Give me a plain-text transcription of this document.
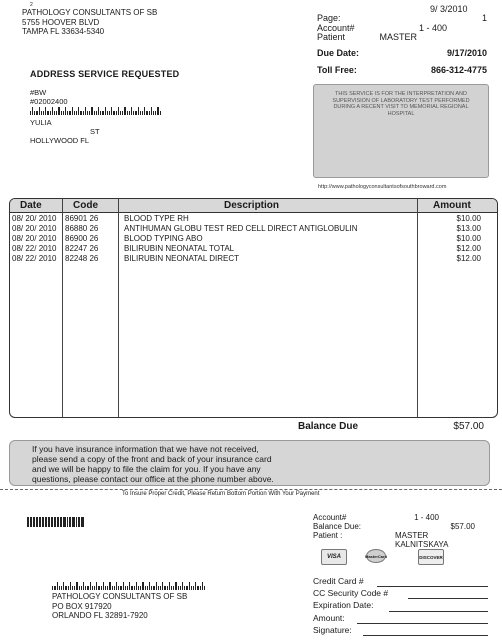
2
PATHOLOGY CONSULTANTS OF SB
5755 HOOVER BLVD
TAMPA FL 33634-5340
9/ 3/2010
Page:	1
Account#	1 - 400
Patient	MASTER
Due Date:	9/17/2010
Toll Free:	866-312-4775
ADDRESS SERVICE REQUESTED
THIS SERVICE IS FOR THE INTERPRETATION AND SUPERVISION OF LABORATORY TEST PERFORMED DURING A RECENT VISIT TO MEMORIAL REGIONAL HOSPITAL
#BW
#02002400
YULIA
ST
HOLLYWOOD FL
http://www.pathologyconsultantsofsouthbroward.com
Date	Code	Description	Amount
08/ 20/ 2010 86901 26	BLOOD TYPE RH	$10.00
08/ 20/ 2010 86880 26	ANTIHUMAN GLOBU TEST RED CELL DIRECT ANTIGLOBULIN	$13.00
08/ 20/ 2010 86900 26	BLOOD TYPING ABO	$10.00
08/ 22/ 2010 82247 26	BILIRUBIN NEONATAL TOTAL	$12.00
08/ 22/ 2010 82248 26	BILIRUBIN NEONATAL DIRECT	$12.00
Balance Due	$57.00
If you have insurance information that we have not received,
please send a copy of the front and back of your insurance card
and we will be happy to file the claim for you. If you have any
questions, please contact our office at the phone number above.
To Insure Proper Credit, Please Return Bottom Portion With Your Payment
Account#	1 - 400
Balance Due:	$57.00
Patient :	MASTER KALNITSKAYA
VISA	MasterCard	DISCOVER
PATHOLOGY CONSULTANTS OF SB
PO BOX 917920
ORLANDO FL 32891-7920
Credit Card #
CC Security Code #
Expiration Date:
Amount:
Signature:
